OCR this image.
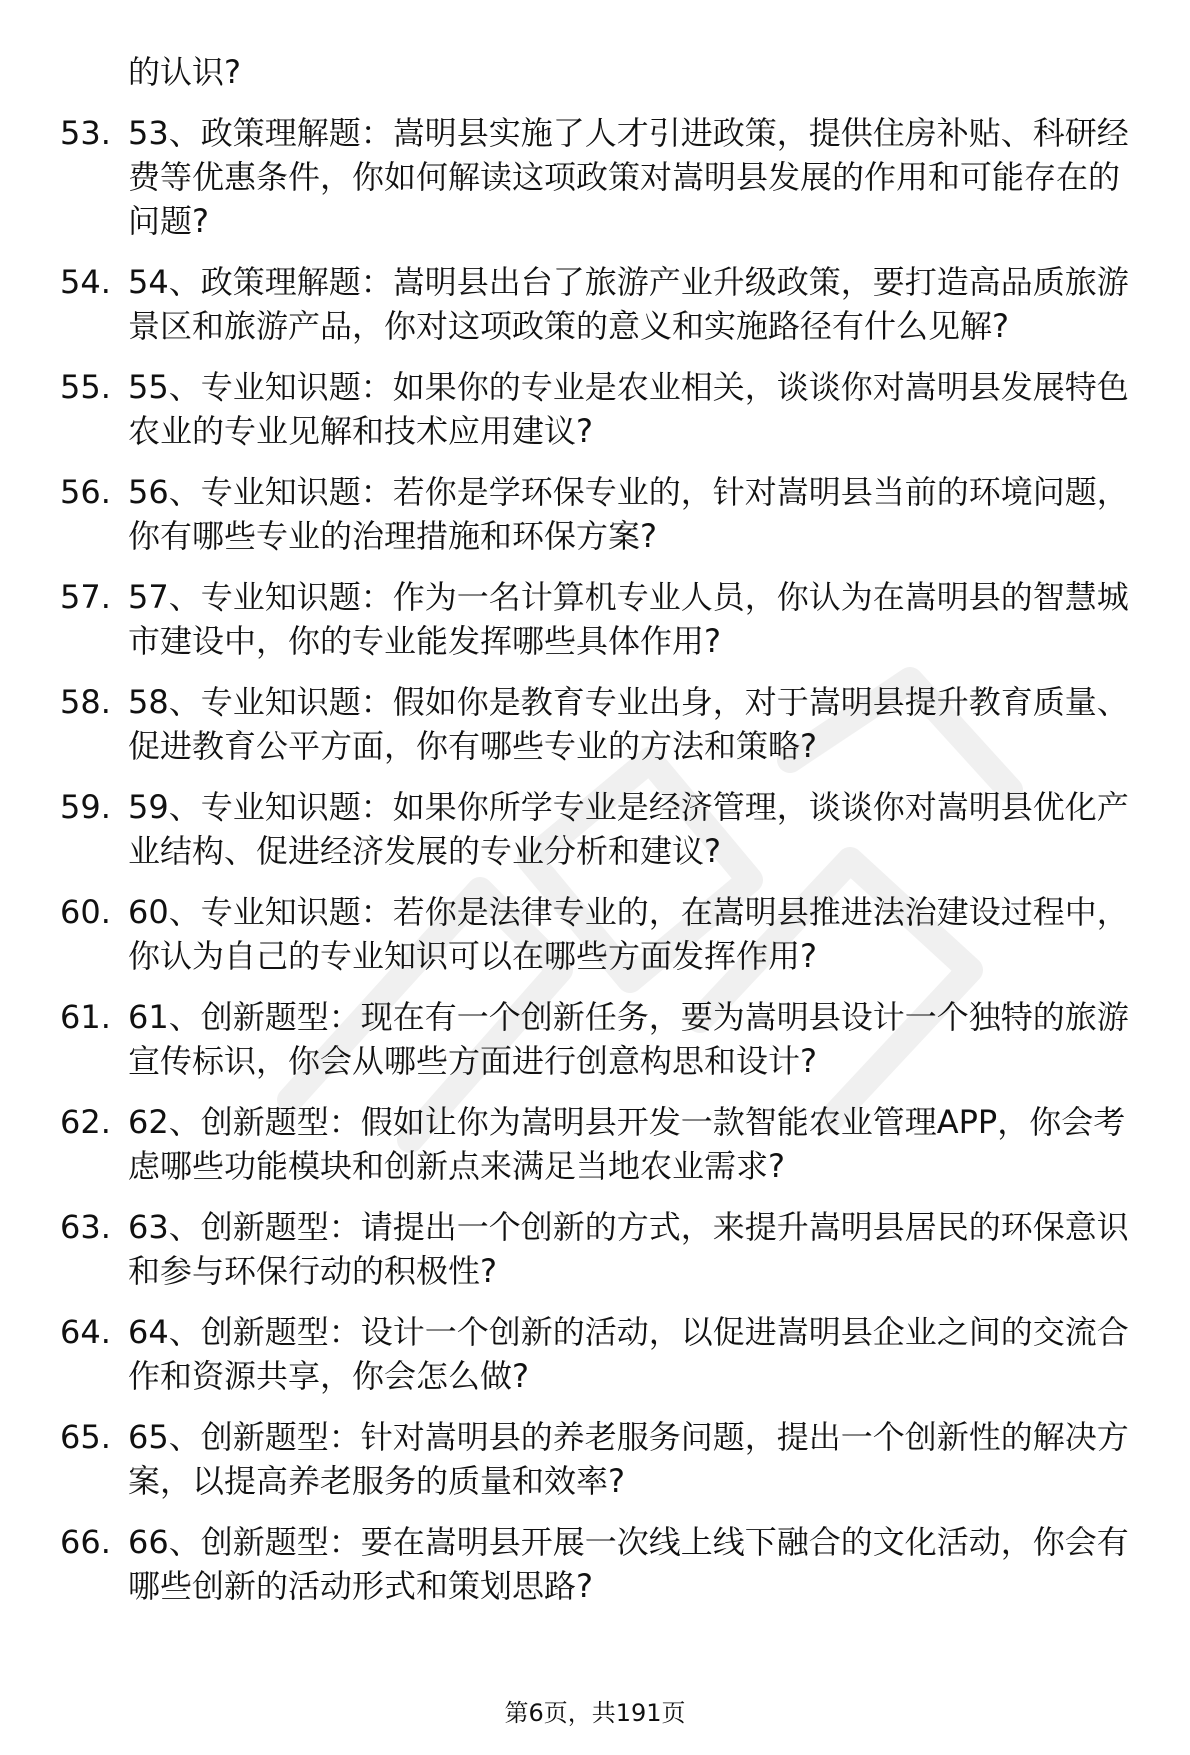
的认识?
53. 53、政策理解题：嵩明县实施了人才引进政策，提供住房补贴、科研经费等优惠条件，你如何解读这项政策对嵩明县发展的作用和可能存在的问题?
54. 54、政策理解题：嵩明县出台了旅游产业升级政策，要打造高品质旅游景区和旅游产品，你对这项政策的意义和实施路径有什么见解?
55. 55、专业知识题：如果你的专业是农业相关，谈谈你对嵩明县发展特色农业的专业见解和技术应用建议?
56. 56、专业知识题：若你是学环保专业的，针对嵩明县当前的环境问题，你有哪些专业的治理措施和环保方案?
57. 57、专业知识题：作为一名计算机专业人员，你认为在嵩明县的智慧城市建设中，你的专业能发挥哪些具体作用?
58. 58、专业知识题：假如你是教育专业出身，对于嵩明县提升教育质量、促进教育公平方面，你有哪些专业的方法和策略?
59. 59、专业知识题：如果你所学专业是经济管理，谈谈你对嵩明县优化产业结构、促进经济发展的专业分析和建议?
60. 60、专业知识题：若你是法律专业的，在嵩明县推进法治建设过程中，你认为自己的专业知识可以在哪些方面发挥作用?
61. 61、创新题型：现在有一个创新任务，要为嵩明县设计一个独特的旅游宣传标识，你会从哪些方面进行创意构思和设计?
62. 62、创新题型：假如让你为嵩明县开发一款智能农业管理APP，你会考虑哪些功能模块和创新点来满足当地农业需求?
63. 63、创新题型：请提出一个创新的方式，来提升嵩明县居民的环保意识和参与环保行动的积极性?
64. 64、创新题型：设计一个创新的活动，以促进嵩明县企业之间的交流合作和资源共享，你会怎么做?
65. 65、创新题型：针对嵩明县的养老服务问题，提出一个创新性的解决方案，以提高养老服务的质量和效率?
66. 66、创新题型：要在嵩明县开展一次线上线下融合的文化活动，你会有哪些创新的活动形式和策划思路?
第6页，共191页
